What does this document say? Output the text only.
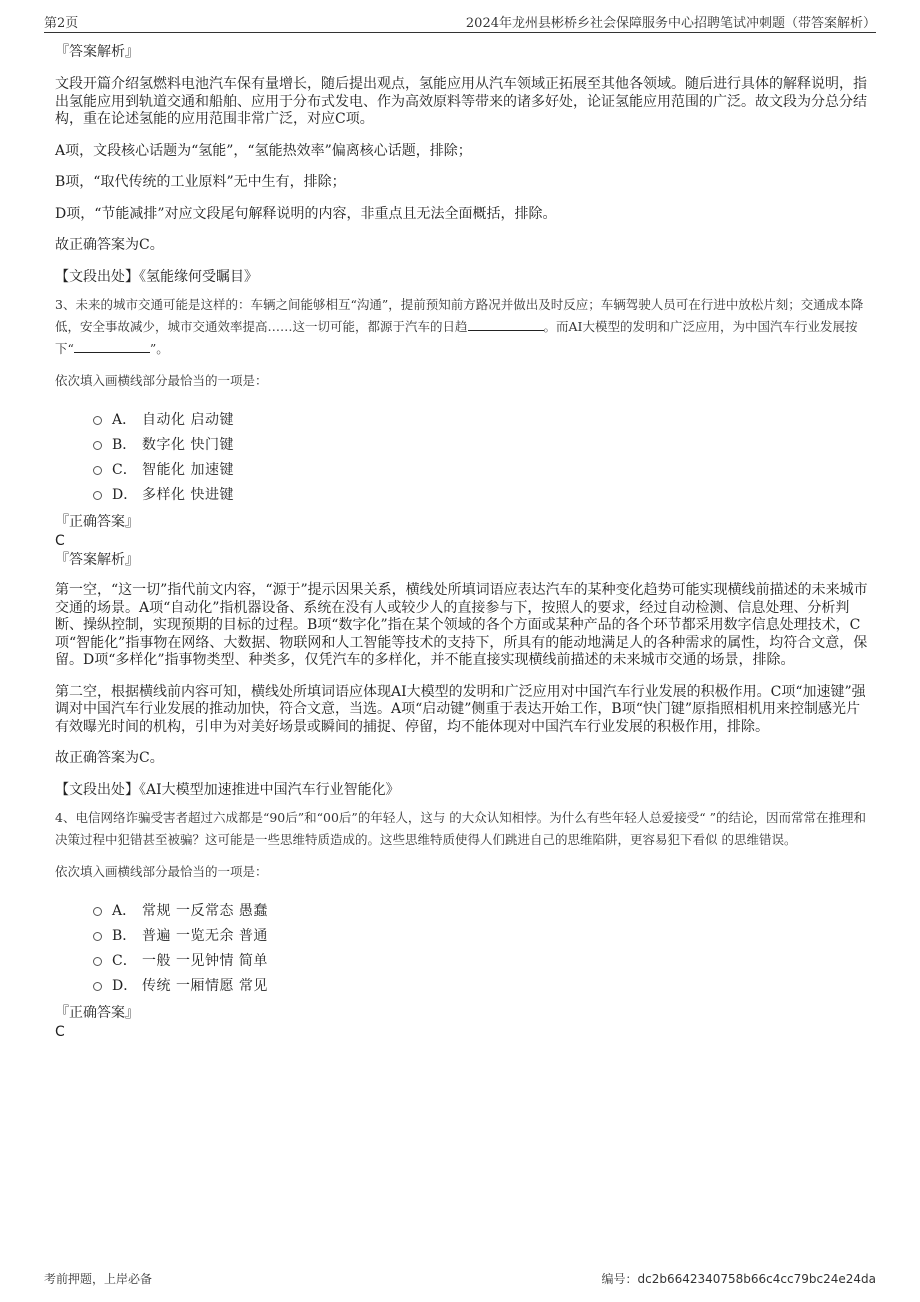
第2页	2024年龙州县彬桥乡社会保障服务中心招聘笔试冲刺题（带答案解析）

『答案解析』

文段开篇介绍氢燃料电池汽车保有量增长，随后提出观点，氢能应用从汽车领域正拓展至其他各领域。随后进行具体的解释说明，指出氢能应用到轨道交通和船舶、应用于分布式发电、作为高效原料等带来的诸多好处，论证氢能应用范围的广泛。故文段为分总分结构，重在论述氢能的应用范围非常广泛，对应C项。

A项，文段核心话题为“氢能”，“氢能热效率”偏离核心话题，排除；

B项，“取代传统的工业原料”无中生有，排除；

D项，“节能减排”对应文段尾句解释说明的内容，非重点且无法全面概括，排除。

故正确答案为C。

【文段出处】《氢能缘何受瞩目》

3、未来的城市交通可能是这样的：车辆之间能够相互“沟通”，提前预知前方路况并做出及时反应；车辆驾驶人员可在行进中放松片刻；交通成本降低，安全事故减少，城市交通效率提高……这一切可能，都源于汽车的日趋	。而AI大模型的发明和广泛应用，为中国汽车行业发展按下“	”。

依次填入画横线部分最恰当的一项是：

A． 自动化 启动键
B． 数字化 快门键
C． 智能化 加速键
D． 多样化 快进键

『正确答案』

C

『答案解析』

第一空，“这一切”指代前文内容，“源于”提示因果关系，横线处所填词语应表达汽车的某种变化趋势可能实现横线前描述的未来城市交通的场景。A项“自动化”指机器设备、系统在没有人或较少人的直接参与下，按照人的要求，经过自动检测、信息处理、分析判断、操纵控制，实现预期的目标的过程。B项“数字化”指在某个领域的各个方面或某种产品的各个环节都采用数字信息处理技术，C项“智能化”指事物在网络、大数据、物联网和人工智能等技术的支持下，所具有的能动地满足人的各种需求的属性，均符合文意，保留。D项“多样化”指事物类型、种类多，仅凭汽车的多样化，并不能直接实现横线前描述的未来城市交通的场景，排除。

第二空，根据横线前内容可知，横线处所填词语应体现AI大模型的发明和广泛应用对中国汽车行业发展的积极作用。C项“加速键”强调对中国汽车行业发展的推动加快，符合文意，当选。A项“启动键”侧重于表达开始工作，B项“快门键”原指照相机用来控制感光片有效曝光时间的机构，引申为对美好场景或瞬间的捕捉、停留，均不能体现对中国汽车行业发展的积极作用，排除。

故正确答案为C。

【文段出处】《AI大模型加速推进中国汽车行业智能化》

4、电信网络诈骗受害者超过六成都是“90后”和“00后”的年轻人，这与 的大众认知相悖。为什么有些年轻人总爱接受“ ”的结论，因而常常在推理和决策过程中犯错甚至被骗？这可能是一些思维特质造成的。这些思维特质使得人们跳进自己的思维陷阱，更容易犯下看似 的思维错误。

依次填入画横线部分最恰当的一项是：

A． 常规 一反常态 愚蠢
B． 普遍 一览无余 普通
C． 一般 一见钟情 简单
D． 传统 一厢情愿 常见

『正确答案』

C

考前押题，上岸必备	编号：dc2b6642340758b66c4cc79bc24e24da
